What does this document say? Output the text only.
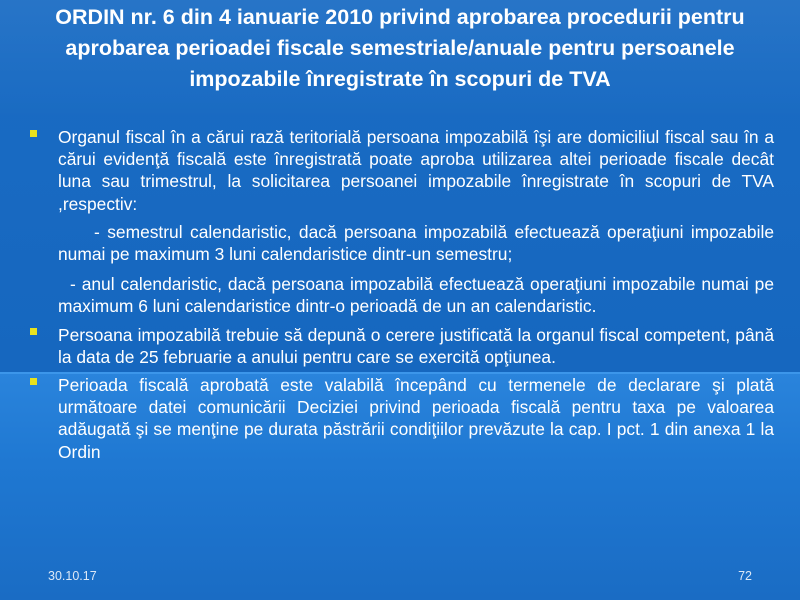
ORDIN nr. 6 din 4 ianuarie 2010 privind aprobarea procedurii pentru aprobarea perioadei fiscale semestriale/anuale pentru persoanele impozabile înregistrate în scopuri de TVA
Organul fiscal în a cărui rază teritorială persoana impozabilă îşi are domiciliul fiscal sau în a cărui evidenţă fiscală este înregistrată poate aproba utilizarea altei perioade fiscale decât luna sau trimestrul, la solicitarea persoanei impozabile înregistrate în scopuri de TVA ,respectiv:
- semestrul calendaristic, dacă persoana impozabilă efectuează operaţiuni impozabile numai pe maximum 3 luni calendaristice dintr-un semestru;
- anul calendaristic, dacă persoana impozabilă efectuează operaţiuni impozabile numai pe maximum 6 luni calendaristice dintr-o perioadă de un an calendaristic.
Persoana impozabilă trebuie să depună o cerere justificată la organul fiscal competent, până la data de 25 februarie a anului pentru care se exercită opţiunea.
Perioada fiscală aprobată este valabilă începând cu termenele de declarare şi plată următoare datei comunicării Deciziei privind perioada fiscală pentru taxa pe valoarea adăugată şi se menţine pe durata păstrării condiţiilor prevăzute la cap. I pct. 1 din anexa 1 la Ordin
30.10.17	72
